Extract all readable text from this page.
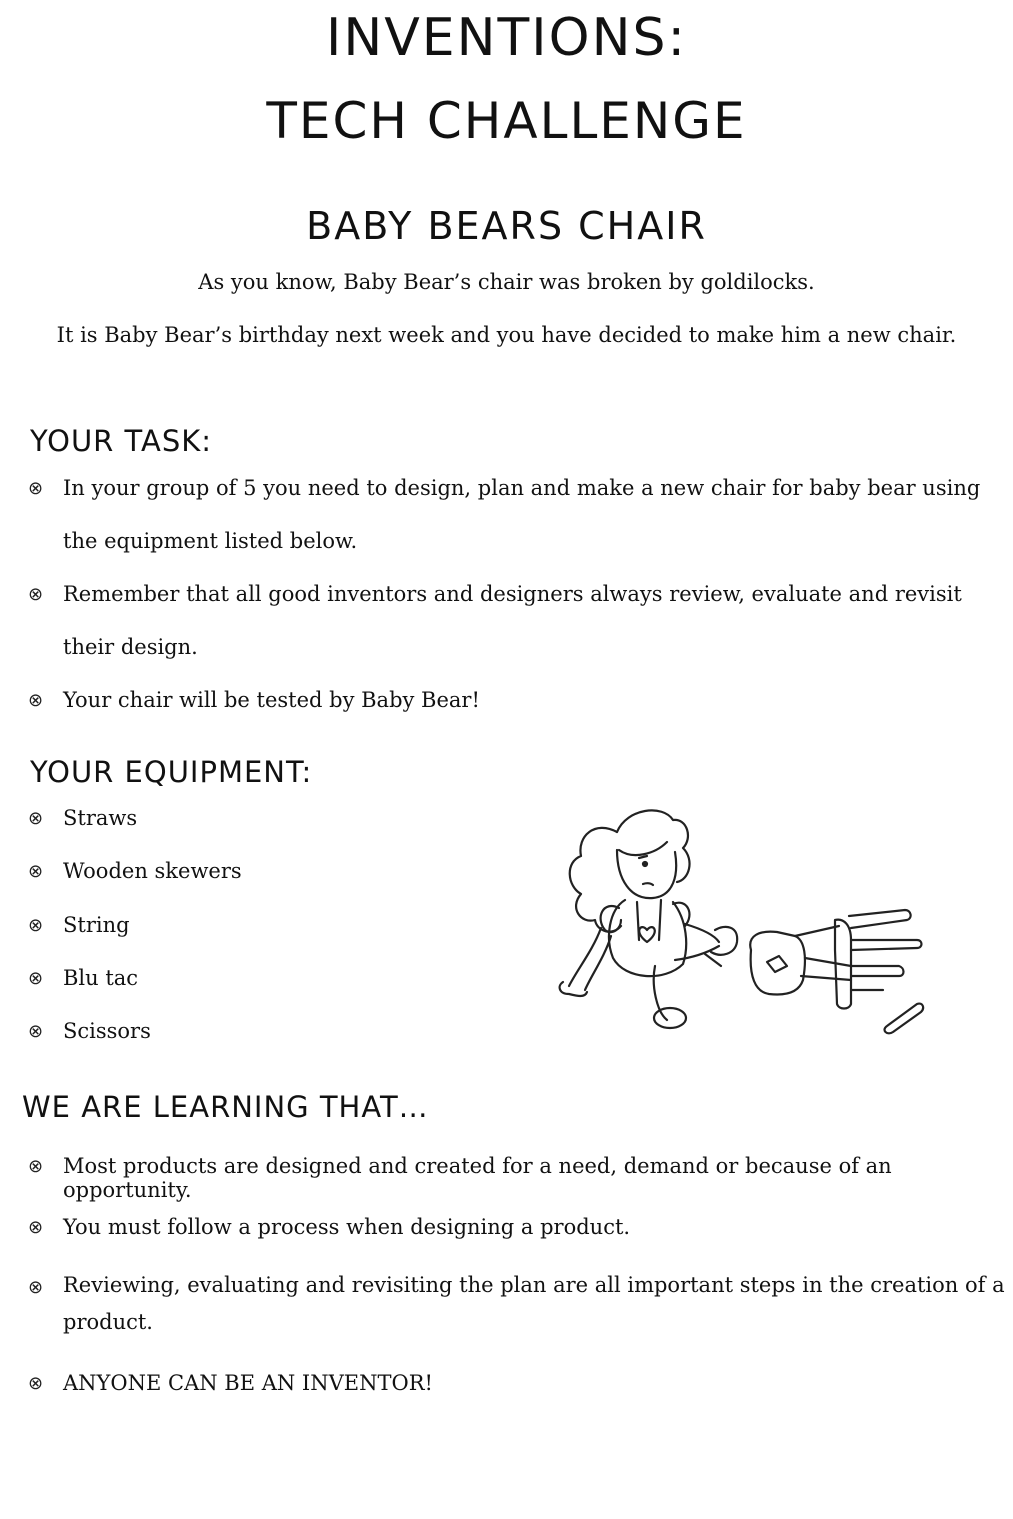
INVENTIONS:
TECH CHALLENGE
BABY BEARS CHAIR
As you know, Baby Bear’s chair was broken by goldilocks.
It is Baby Bear’s birthday next week and you have decided to make him a new chair.
YOUR TASK:
⊗ In your group of 5 you need to design, plan and make a new chair for baby bear using the equipment listed below.
⊗ Remember that all good inventors and designers always review, evaluate and revisit their design.
⊗ Your chair will be tested by Baby Bear!
YOUR EQUIPMENT:
⊗ Straws
⊗ Wooden skewers
⊗ String
⊗ Blu tac
⊗ Scissors
WE ARE LEARNING THAT…
⊗ Most products are designed and created for a need, demand or because of an opportunity.
⊗ You must follow a process when designing a product.
⊗ Reviewing, evaluating and revisiting the plan are all important steps in the creation of a product.
⊗ ANYONE CAN BE AN INVENTOR!
